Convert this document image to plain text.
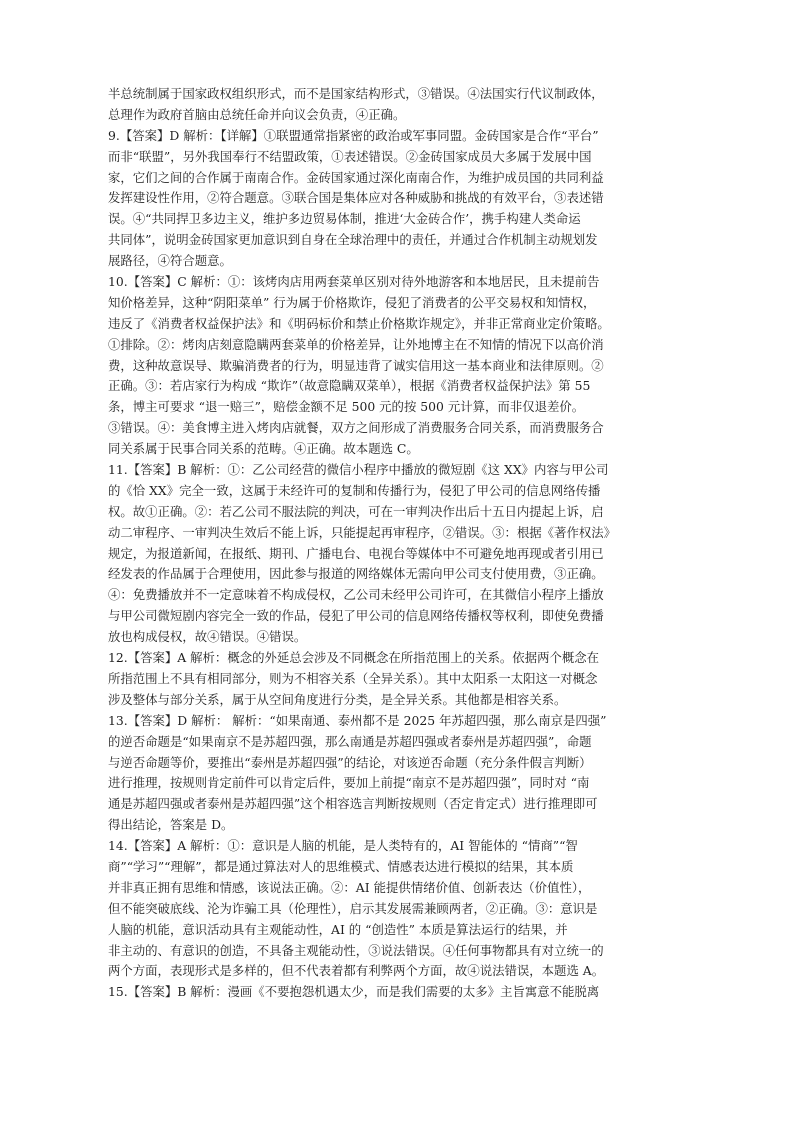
半总统制属于国家政权组织形式，而不是国家结构形式，③错误。④法国实行代议制政体，
总理作为政府首脑由总统任命并向议会负责，④正确。
9.【答案】D 解析：【详解】①联盟通常指紧密的政治或军事同盟。金砖国家是合作“平台”
而非“联盟”，另外我国奉行不结盟政策，①表述错误。②金砖国家成员大多属于发展中国
家，它们之间的合作属于南南合作。金砖国家通过深化南南合作，为维护成员国的共同利益
发挥建设性作用，②符合题意。③联合国是集体应对各种威胁和挑战的有效平台，③表述错
误。④“共同捍卫多边主义，维护多边贸易体制，推进‘大金砖合作’，携手构建人类命运
共同体”，说明金砖国家更加意识到自身在全球治理中的责任，并通过合作机制主动规划发
展路径，④符合题意。
10.【答案】C 解析：①：该烤肉店用两套菜单区别对待外地游客和本地居民，且未提前告
知价格差异，这种“阴阳菜单” 行为属于价格欺诈，侵犯了消费者的公平交易权和知情权，
违反了《消费者权益保护法》和《明码标价和禁止价格欺诈规定》，并非正常商业定价策略。
①排除。②：烤肉店刻意隐瞒两套菜单的价格差异，让外地博主在不知情的情况下以高价消
费，这种故意误导、欺骗消费者的行为，明显违背了诚实信用这一基本商业和法律原则。②
正确。③：若店家行为构成 “欺诈”（故意隐瞒双菜单），根据《消费者权益保护法》第 55
条，博主可要求 “退一赔三”，赔偿金额不足 500 元的按 500 元计算，而非仅退差价。
③错误。④：美食博主进入烤肉店就餐，双方之间形成了消费服务合同关系，而消费服务合
同关系属于民事合同关系的范畴。④正确。故本题选 C。
11.【答案】B 解析：①：乙公司经营的微信小程序中播放的微短剧《这 XX》内容与甲公司
的《恰 XX》完全一致，这属于未经许可的复制和传播行为，侵犯了甲公司的信息网络传播
权。故①正确。②：若乙公司不服法院的判决，可在一审判决作出后十五日内提起上诉，启
动二审程序、一审判决生效后不能上诉，只能提起再审程序，②错误。③：根据《著作权法》
规定，为报道新闻，在报纸、期刊、广播电台、电视台等媒体中不可避免地再现或者引用已
经发表的作品属于合理使用，因此参与报道的网络媒体无需向甲公司支付使用费，③正确。
④：免费播放并不一定意味着不构成侵权，乙公司未经甲公司许可，在其微信小程序上播放
与甲公司微短剧内容完全一致的作品，侵犯了甲公司的信息网络传播权等权利，即使免费播
放也构成侵权，故④错误。④错误。
12.【答案】A 解析：概念的外延总会涉及不同概念在所指范围上的关系。依据两个概念在
所指范围上不具有相同部分，则为不相容关系（全异关系）。其中太阳系一太阳这一对概念
涉及整体与部分关系，属于从空间角度进行分类，是全异关系。其他都是相容关系。
13.【答案】D 解析： 解析：“如果南通、泰州都不是 2025 年苏超四强，那么南京是四强”
的逆否命题是“如果南京不是苏超四强，那么南通是苏超四强或者泰州是苏超四强”，命题
与逆否命题等价，要推出“泰州是苏超四强”的结论，对该逆否命题（充分条件假言判断）
进行推理，按规则肯定前件可以肯定后件，要加上前提“南京不是苏超四强”，同时对 “南
通是苏超四强或者泰州是苏超四强”这个相容选言判断按规则（否定肯定式）进行推理即可
得出结论，答案是 D。
14.【答案】A 解析：①：意识是人脑的机能，是人类特有的，AI 智能体的 “情商”“智
商”“学习”“理解”，都是通过算法对人的思维模式、情感表达进行模拟的结果，其本质
并非真正拥有思维和情感，该说法正确。②：AI 能提供情绪价值、创新表达（价值性），
但不能突破底线、沦为诈骗工具（伦理性），启示其发展需兼顾两者，②正确。③：意识是
人脑的机能，意识活动具有主观能动性，AI 的 “创造性” 本质是算法运行的结果，并
非主动的、有意识的创造，不具备主观能动性，③说法错误。④任何事物都具有对立统一的
两个方面，表现形式是多样的，但不代表着都有利弊两个方面，故④说法错误，本题选 A。
15.【答案】B 解析：漫画《不要抱怨机遇太少，而是我们需要的太多》主旨寓意不能脱离
